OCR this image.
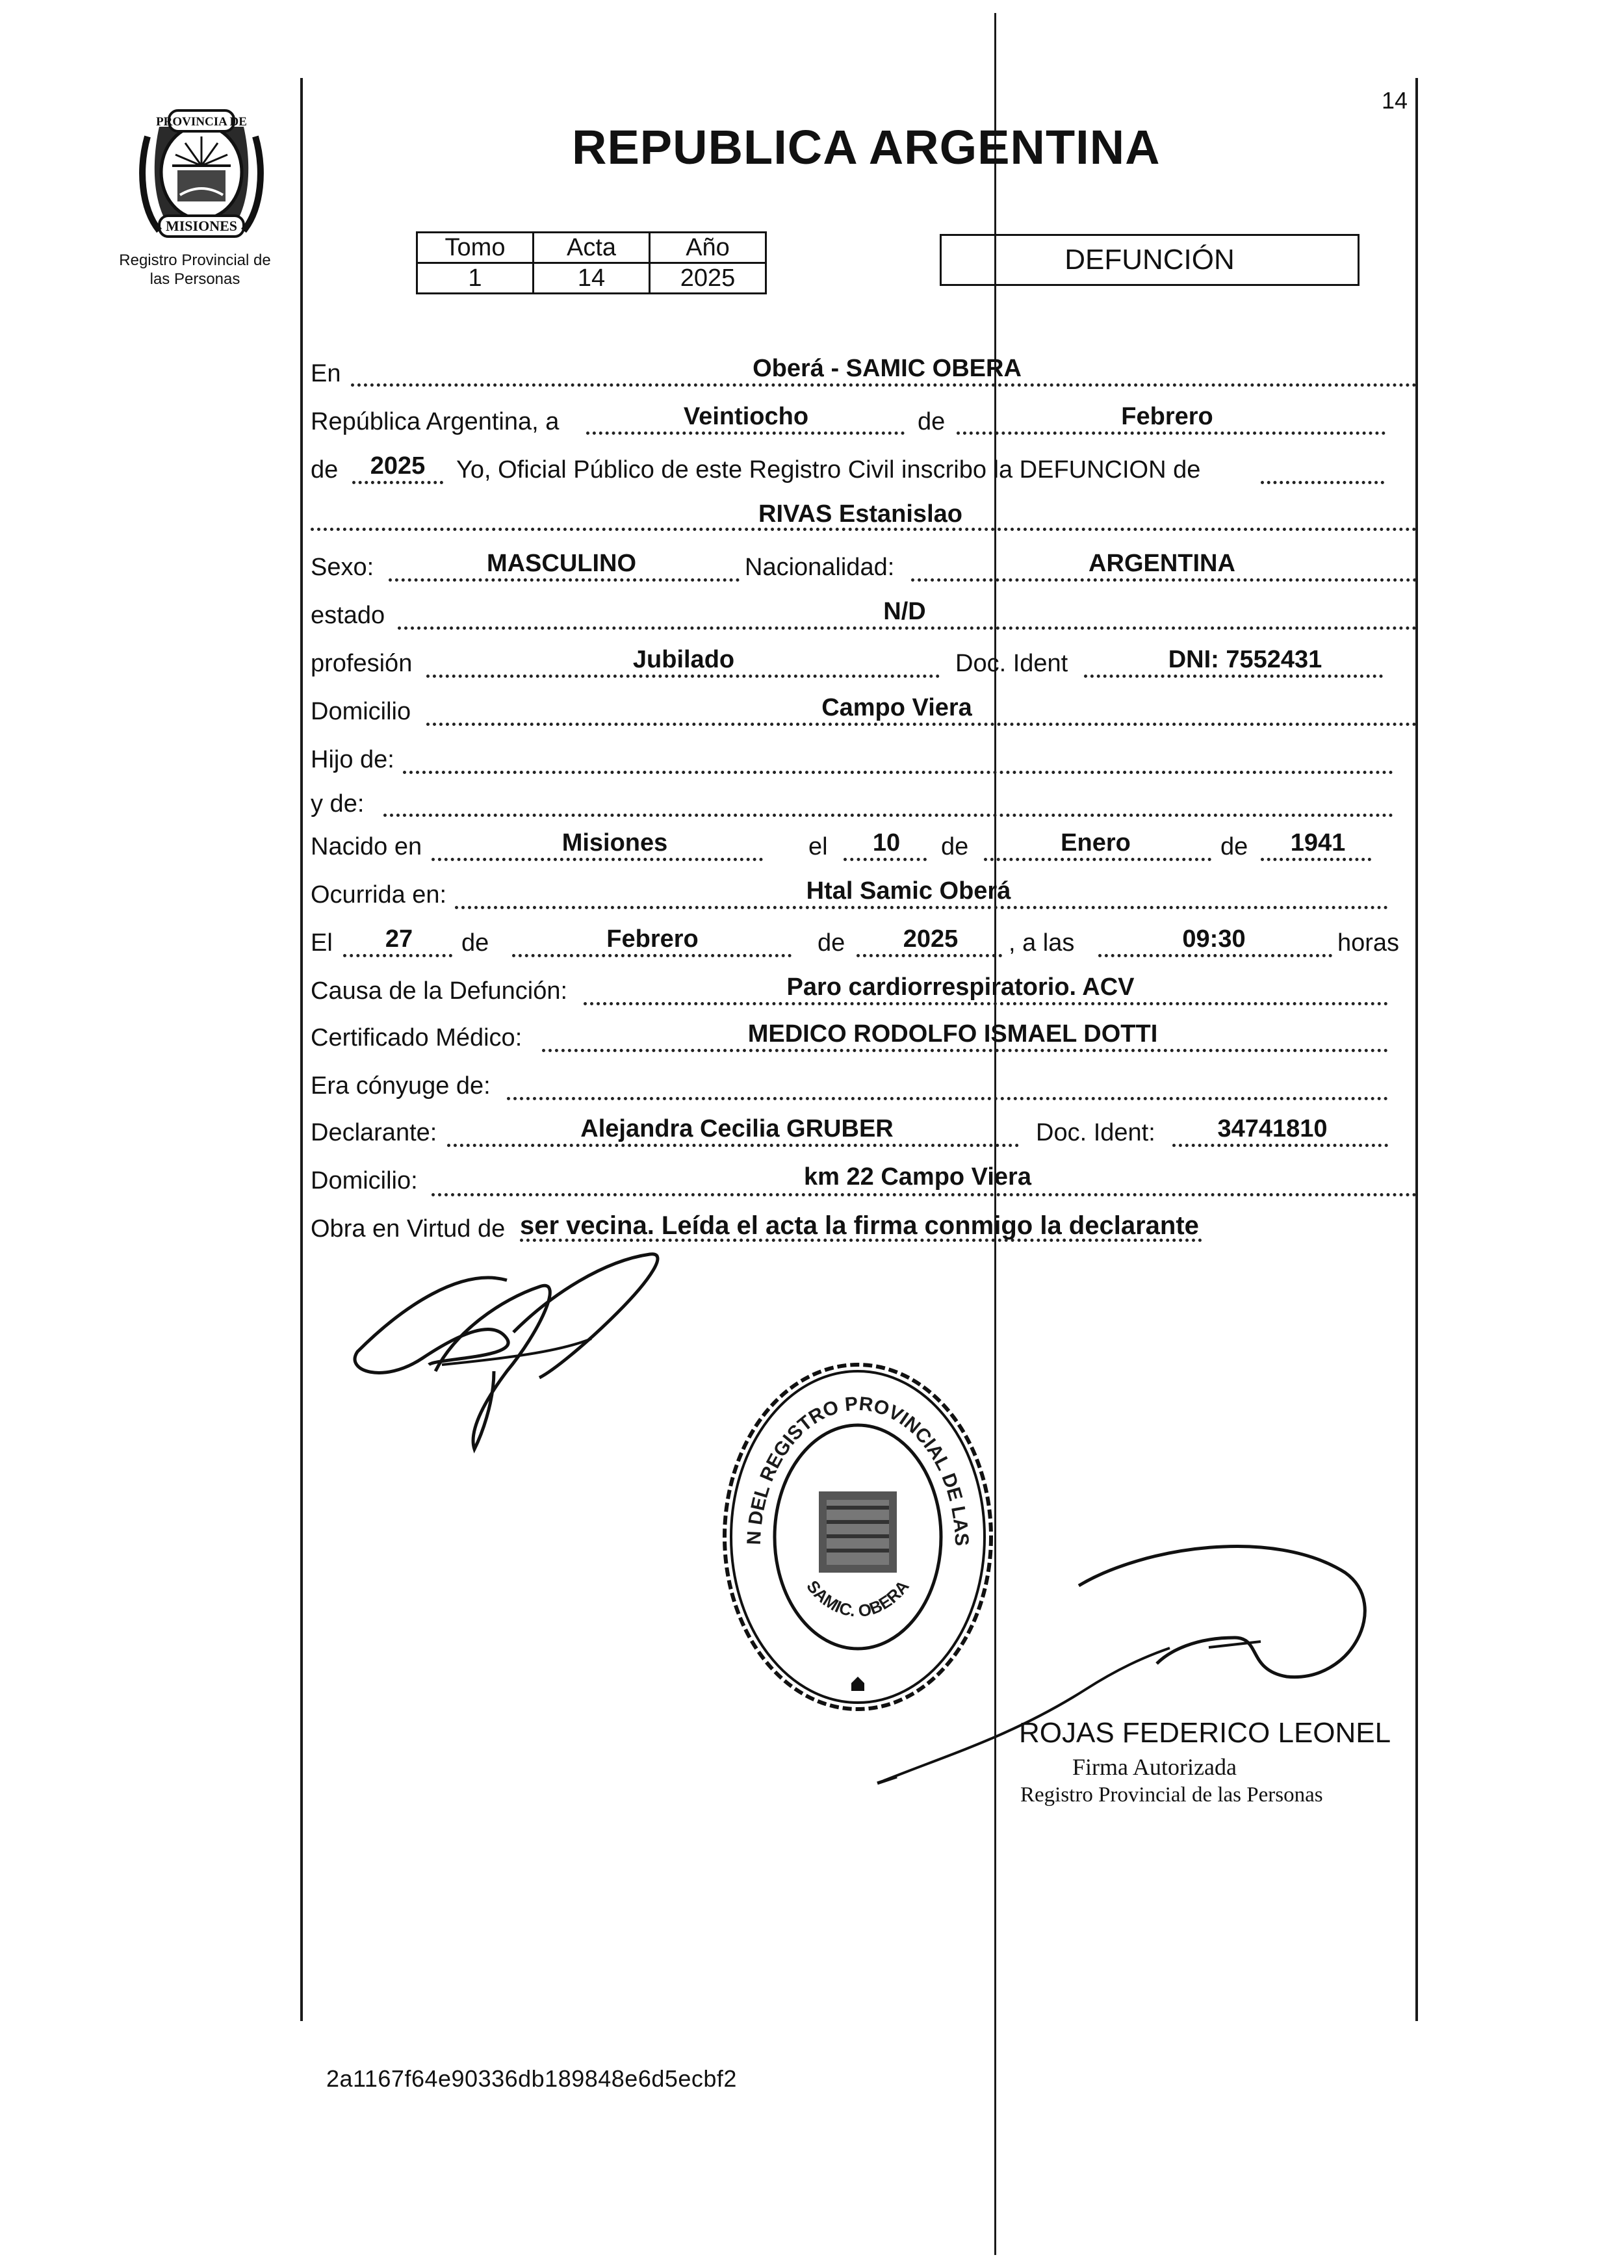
PROVINCIA DE
MISIONES
Registro Provincial de
las Personas
14
REPUBLICA ARGENTINA
Tomo	Acta	Año
1	14	2025
DEFUNCIÓN
En	Oberá - SAMIC OBERA
República Argentina, a	Veintiocho	de	Febrero
de 2025 Yo, Oficial Público de este Registro Civil inscribo la DEFUNCION de
RIVAS Estanislao
Sexo:	MASCULINO	Nacionalidad:	ARGENTINA
estado	N/D
profesión	Jubilado	Doc. Ident	DNI: 7552431
Domicilio	Campo Viera
Hijo de:
y de:
Nacido en	Misiones	el 10 de	Enero	de 1941
Ocurrida en:	Htal Samic Oberá
El 27 de	Febrero	de 2025 , a las	09:30	horas
Causa de la Defunción:	Paro cardiorrespiratorio. ACV
Certificado Médico:	MEDICO RODOLFO ISMAEL DOTTI
Era cónyuge de:
Declarante:	Alejandra Cecilia GRUBER	Doc. Ident:	34741810
Domicilio:	km 22 Campo Viera
Obra en Virtud de ser vecina. Leída el acta la firma conmigo la declarante
N DEL REGISTRO PROVINCIAL DE LAS
SAMIC. OBERA
ROJAS FEDERICO LEONEL
Firma Autorizada
Registro Provincial de las Personas
2a1167f64e90336db189848e6d5ecbf2
